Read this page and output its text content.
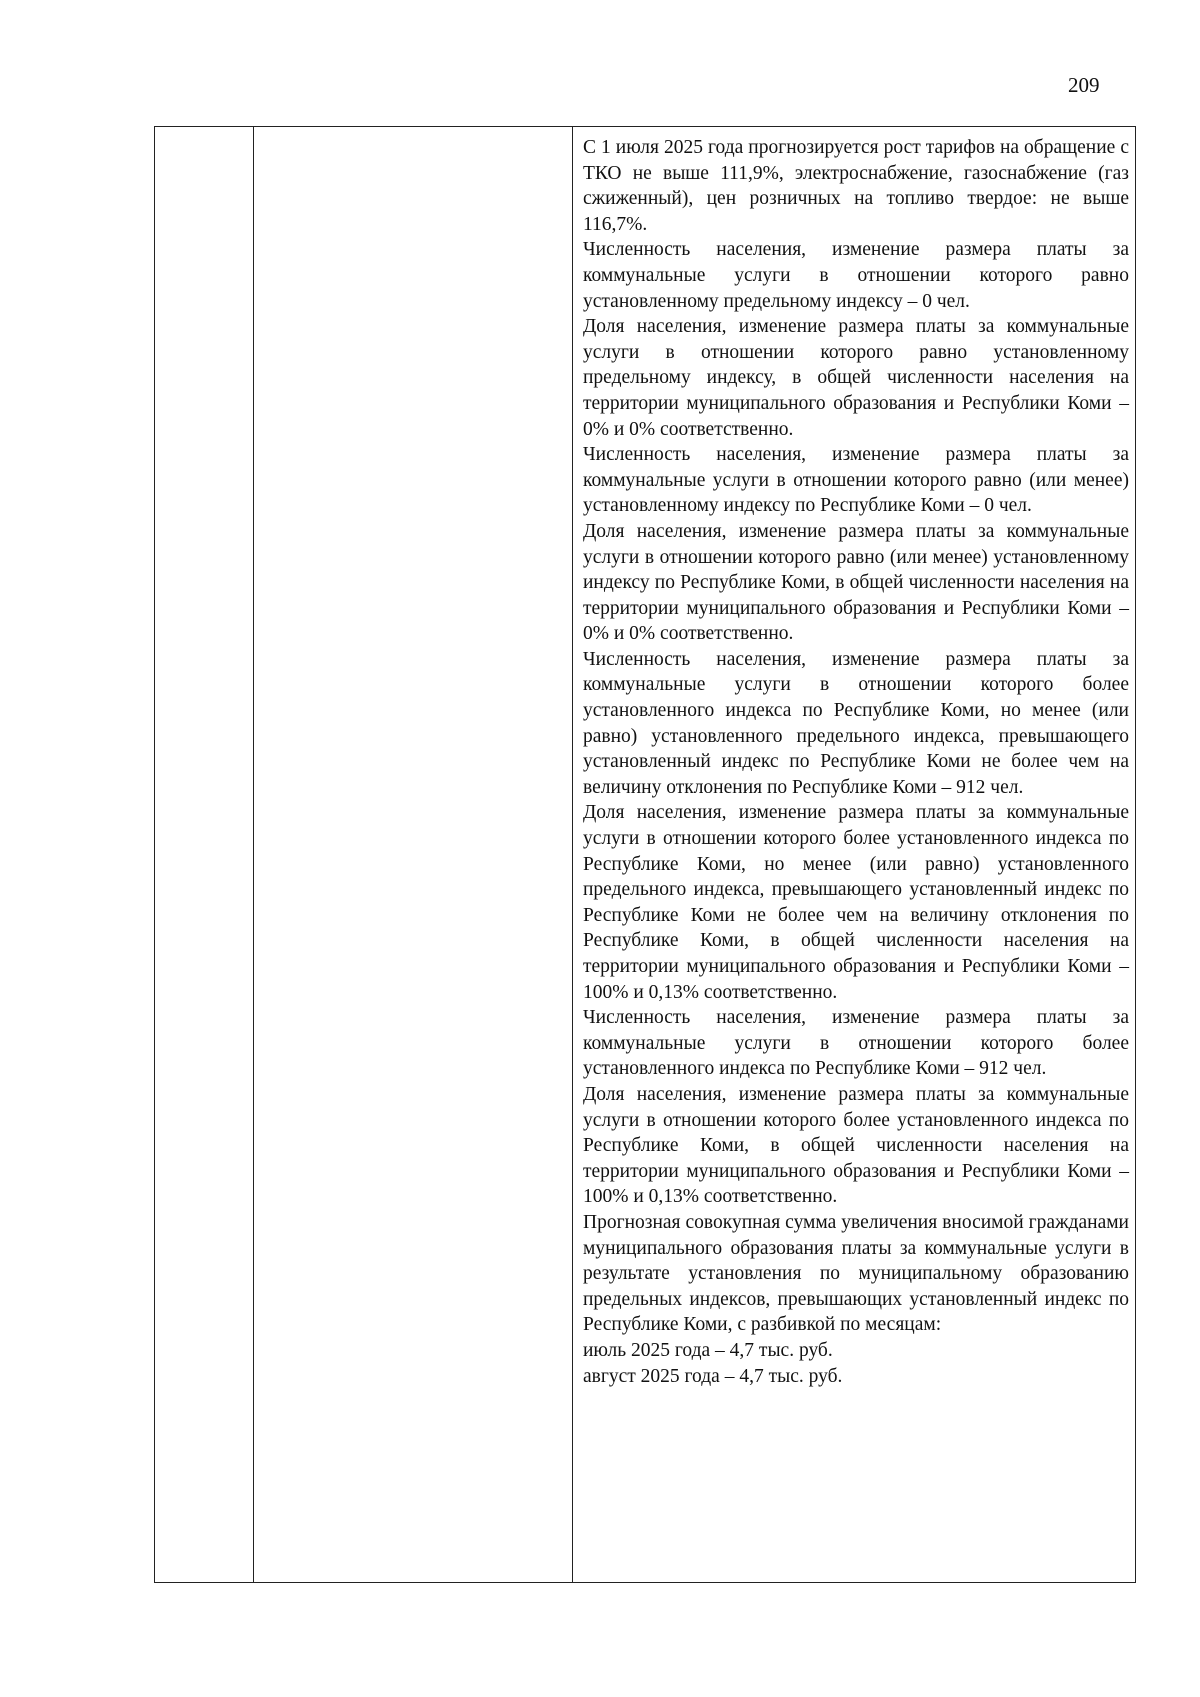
209

С 1 июля 2025 года прогнозируется рост тарифов на обращение с ТКО не выше 111,9%, электроснабжение, газоснабжение (газ сжиженный), цен розничных на топливо твердое: не выше 116,7%.

Численность населения, изменение размера платы за коммунальные услуги в отношении которого равно установленному предельному индексу – 0 чел.

Доля населения, изменение размера платы за коммунальные услуги в отношении которого равно установленному предельному индексу, в общей численности населения на территории муниципального образования и Республики Коми – 0% и 0% соответственно.

Численность населения, изменение размера платы за коммунальные услуги в отношении которого равно (или менее) установленному индексу по Республике Коми – 0 чел.

Доля населения, изменение размера платы за коммунальные услуги в отношении которого равно (или менее) установленному индексу по Республике Коми, в общей численности населения на территории муниципального образования и Республики Коми – 0% и 0% соответственно.

Численность населения, изменение размера платы за коммунальные услуги в отношении которого более установленного индекса по Республике Коми, но менее (или равно) установленного предельного индекса, превышающего установленный индекс по Республике Коми не более чем на величину отклонения по Республике Коми – 912 чел.

Доля населения, изменение размера платы за коммунальные услуги в отношении которого более установленного индекса по Республике Коми, но менее (или равно) установленного предельного индекса, превышающего установленный индекс по Республике Коми не более чем на величину отклонения по Республике Коми, в общей численности населения на территории муниципального образования и Республики Коми – 100% и 0,13% соответственно.

Численность населения, изменение размера платы за коммунальные услуги в отношении которого более установленного индекса по Республике Коми – 912 чел.

Доля населения, изменение размера платы за коммунальные услуги в отношении которого более установленного индекса по Республике Коми, в общей численности населения на территории муниципального образования и Республики Коми – 100% и 0,13% соответственно.

Прогнозная совокупная сумма увеличения вносимой гражданами муниципального образования платы за коммунальные услуги в результате установления по муниципальному образованию предельных индексов, превышающих установленный индекс по Республике Коми, с разбивкой по месяцам:

июль 2025 года – 4,7 тыс. руб.

август 2025 года – 4,7 тыс. руб.
